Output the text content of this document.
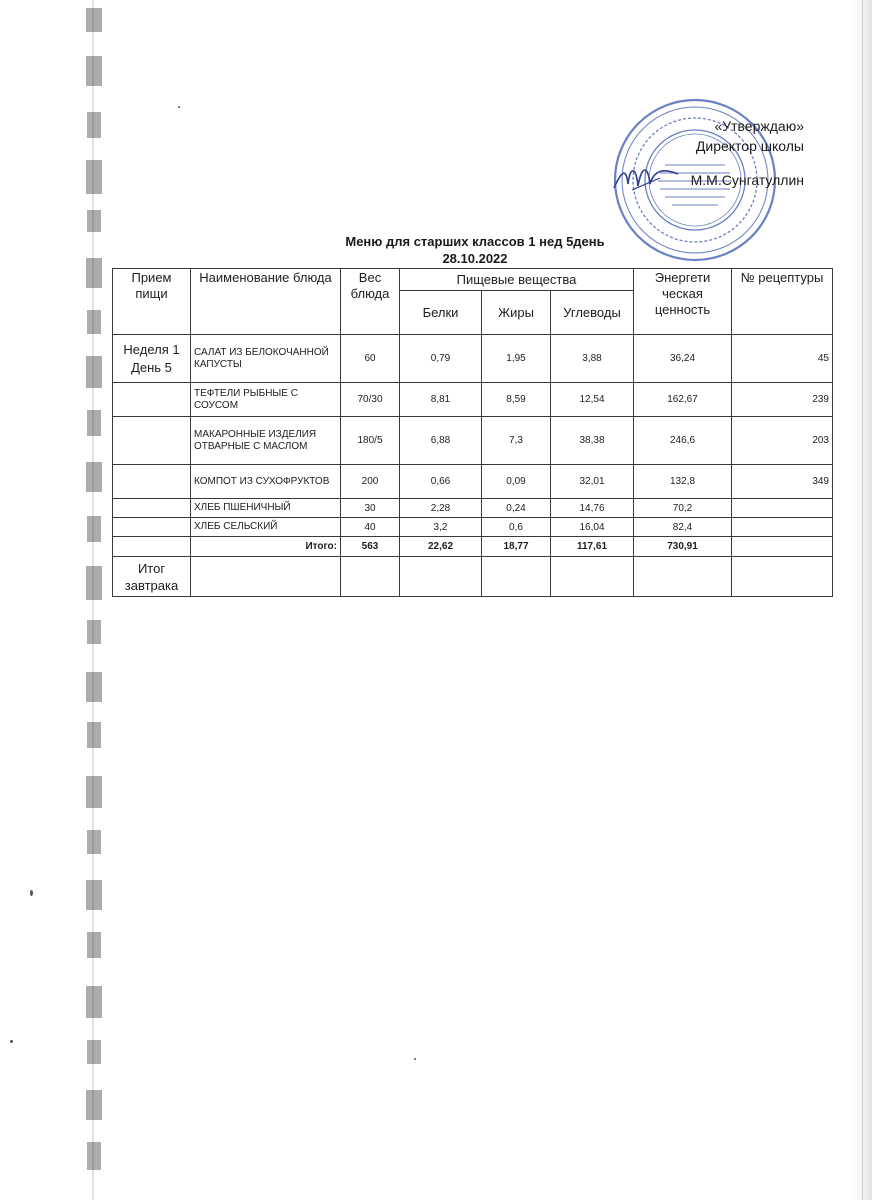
«Утверждаю»
Директор школы
М.М.Сунгатуллин
Меню для старших классов 1 нед 5день
28.10.2022
Прием пищи	Наименование блюда	Вес блюда	Пищевые вещества			Энергети ческая ценность	№ рецептуры
			Белки	Жиры	Углеводы		
Неделя 1 День 5	САЛАТ ИЗ БЕЛОКОЧАННОЙ КАПУСТЫ	60	0,79	1,95	3,88	36,24	45
	ТЕФТЕЛИ РЫБНЫЕ С СОУСОМ	70/30	8,81	8,59	12,54	162,67	239
	МАКАРОННЫЕ ИЗДЕЛИЯ ОТВАРНЫЕ С МАСЛОМ	180/5	6,88	7,3	38,38	246,6	203
	КОМПОТ ИЗ СУХОФРУКТОВ	200	0,66	0,09	32,01	132,8	349
	ХЛЕБ ПШЕНИЧНЫЙ	30	2,28	0,24	14,76	70,2	
	ХЛЕБ СЕЛЬСКИЙ	40	3,2	0,6	16,04	82,4	
	Итого:	563	22,62	18,77	117,61	730,91	
Итог завтрака							
